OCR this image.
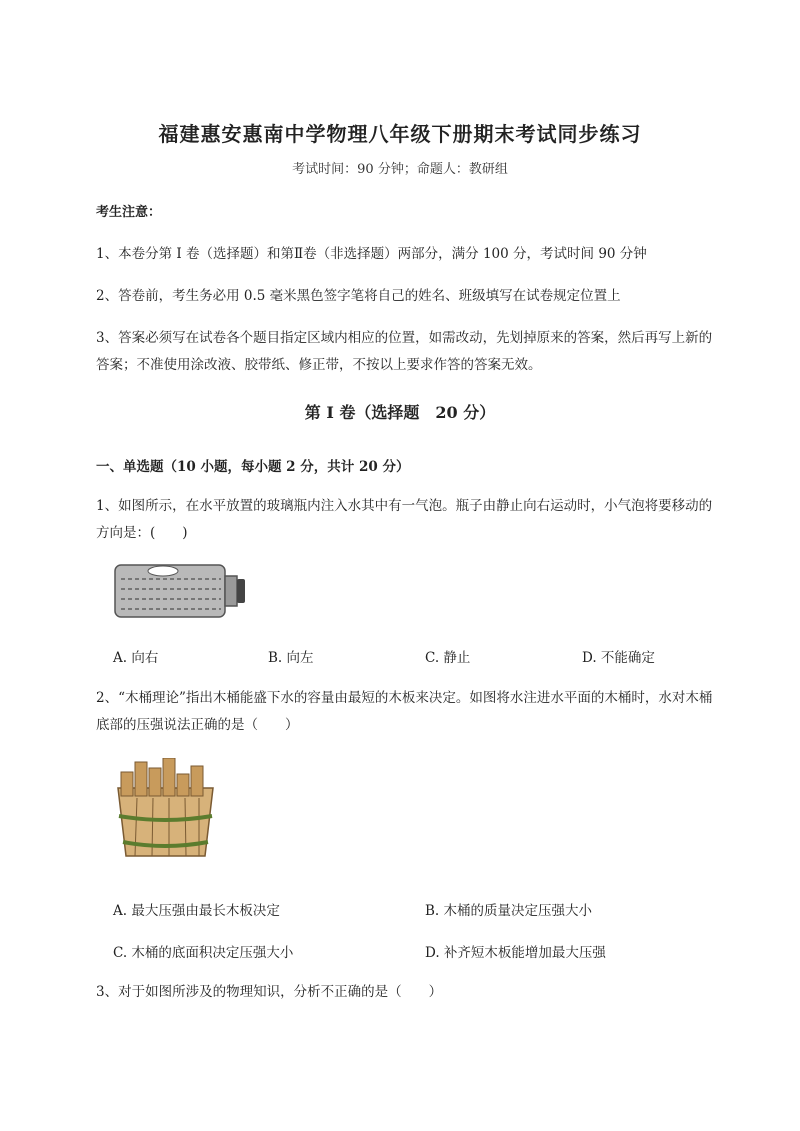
福建惠安惠南中学物理八年级下册期末考试同步练习
考试时间：90 分钟；命题人：教研组
考生注意：
1、本卷分第 I 卷（选择题）和第Ⅱ卷（非选择题）两部分，满分 100 分，考试时间 90 分钟
2、答卷前，考生务必用 0.5 毫米黑色签字笔将自己的姓名、班级填写在试卷规定位置上
3、答案必须写在试卷各个题目指定区域内相应的位置，如需改动，先划掉原来的答案，然后再写上新的答案；不准使用涂改液、胶带纸、修正带，不按以上要求作答的答案无效。
第 I 卷（选择题　20 分）
一、单选题（10 小题，每小题 2 分，共计 20 分）
1、如图所示，在水平放置的玻璃瓶内注入水其中有一气泡。瓶子由静止向右运动时，小气泡将要移动的方向是：(　　)
A. 向右	B. 向左	C. 静止	D. 不能确定
2、“木桶理论”指出木桶能盛下水的容量由最短的木板来决定。如图将水注进水平面的木桶时，水对木桶底部的压强说法正确的是（　　）
A. 最大压强由最长木板决定	B. 木桶的质量决定压强大小
C. 木桶的底面积决定压强大小	D. 补齐短木板能增加最大压强
3、对于如图所涉及的物理知识，分析不正确的是（　　）
